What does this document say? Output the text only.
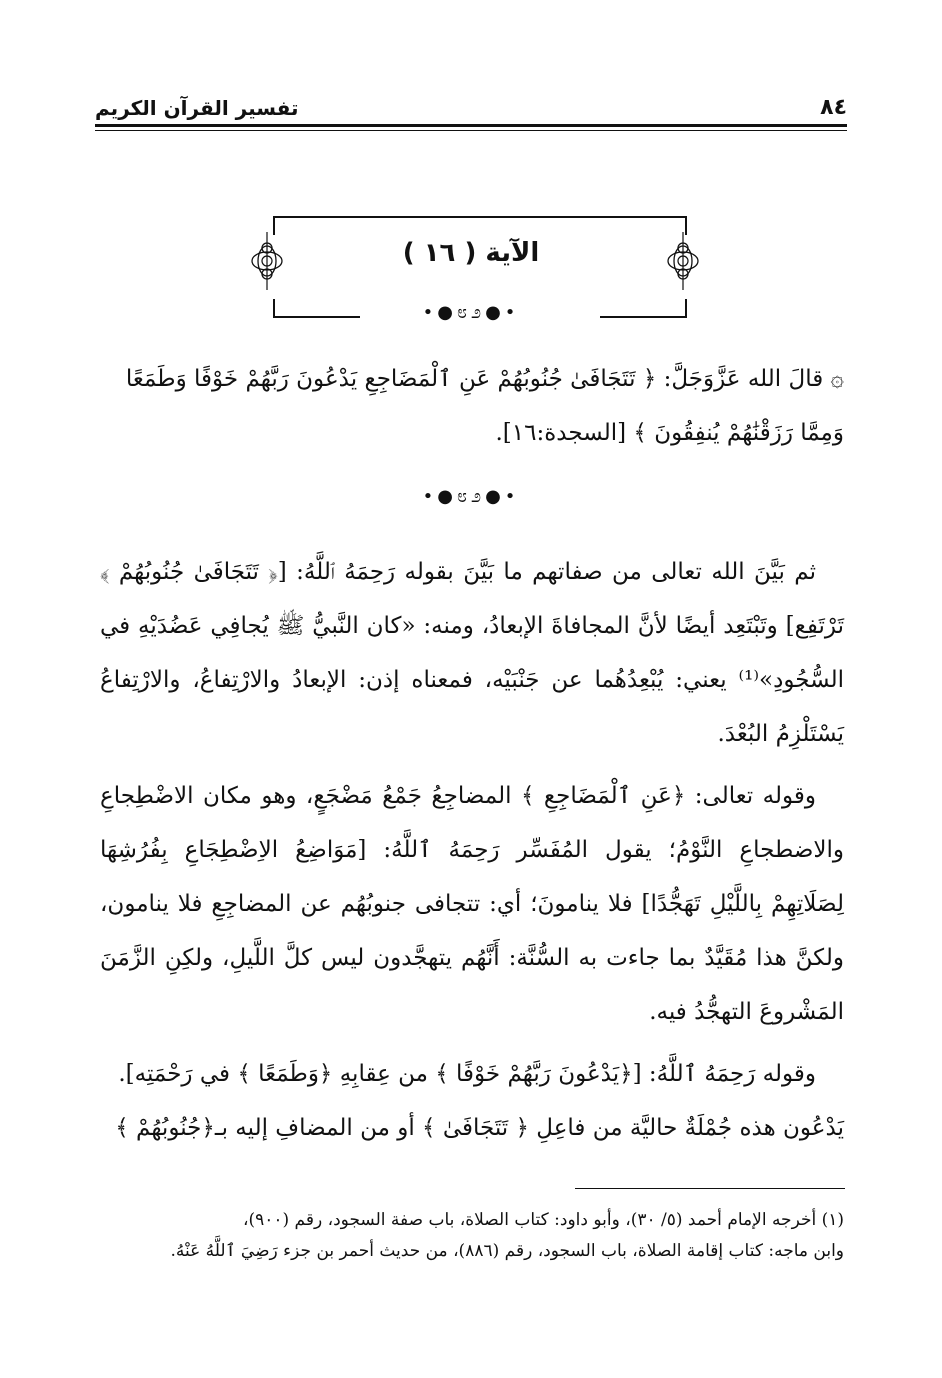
٨٤
تفسير القرآن الكريم
الآية ( ١٦ )
•●೮೨●•

۞ قالَ الله عَزَّوَجَلَّ: ﴿ تَتَجَافَىٰ جُنُوبُهُمْ عَنِ ٱلْمَضَاجِعِ يَدْعُونَ رَبَّهُمْ خَوْفًا وَطَمَعًا

وَمِمَّا رَزَقْنَٰهُمْ يُنفِقُونَ ﴾ [السجدة:١٦].

•●೮೨●•

ثم بَيَّنَ الله تعالى من صفاتهم ما بَيَّنَ بقوله رَحِمَهُ ٱللَّهُ: [﴿ تَتَجَافَىٰ جُنُوبُهُمْ ﴾ تَرْتَفِع] وتَبْتَعِد أيضًا لأنَّ المجافاةَ الإبعادُ، ومنه: «كان النَّبيُّ ﷺ يُجافِي عَضُدَيْهِ في السُّجُودِ»⁽¹⁾ يعني: يُبْعِدُهُما عن جَنْبَيْه، فمعناه إذن: الإبعادُ والارْتِفاعُ، والارْتِفاعُ يَسْتَلْزِمُ البُعْدَ.

وقوله تعالى: ﴿عَنِ ٱلْمَضَاجِعِ ﴾ المضاجِعُ جَمْعُ مَضْجَعٍ، وهو مكان الاضْطِجاعِ والاضطجاعِ النَّوْمُ؛ يقول المُفَسِّر رَحِمَهُ ٱللَّهُ: [مَوَاضِعُ الاِضْطِجَاعِ بِفُرُشِهَا لِصَلَاتِهِمْ بِاللَّيْلِ تَهَجُّدًا] فلا ينامونَ؛ أي: تتجافى جنوبُهُم عن المضاجِعِ فلا ينامون، ولكنَّ هذا مُقَيَّدٌ بما جاءت به السُّنَّة: أَنَّهُم يتهجَّدون ليس كلَّ اللَّيلِ، ولكِنِ الزَّمَنَ المَشْروعَ التهجُّدُ فيه.

وقوله رَحِمَهُ ٱللَّهُ: [﴿يَدْعُونَ رَبَّهُمْ خَوْفًا ﴾ من عِقابِهِ ﴿وَطَمَعًا ﴾ في رَحْمَتِه].

يَدْعُون هذه جُمْلَةٌ حاليَّة من فاعِلِ ﴿ تَتَجَافَىٰ ﴾ أو من المضافِ إليه بـ﴿جُنُوبُهُمْ ﴾

(١) أخرجه الإمام أحمد (٥/ ٣٠)، وأبو داود: كتاب الصلاة، باب صفة السجود، رقم (٩٠٠)،

وابن ماجه: كتاب إقامة الصلاة، باب السجود، رقم (٨٨٦)، من حديث أحمر بن جزء رَضِيَ ٱللَّهُ عَنْهُ.
